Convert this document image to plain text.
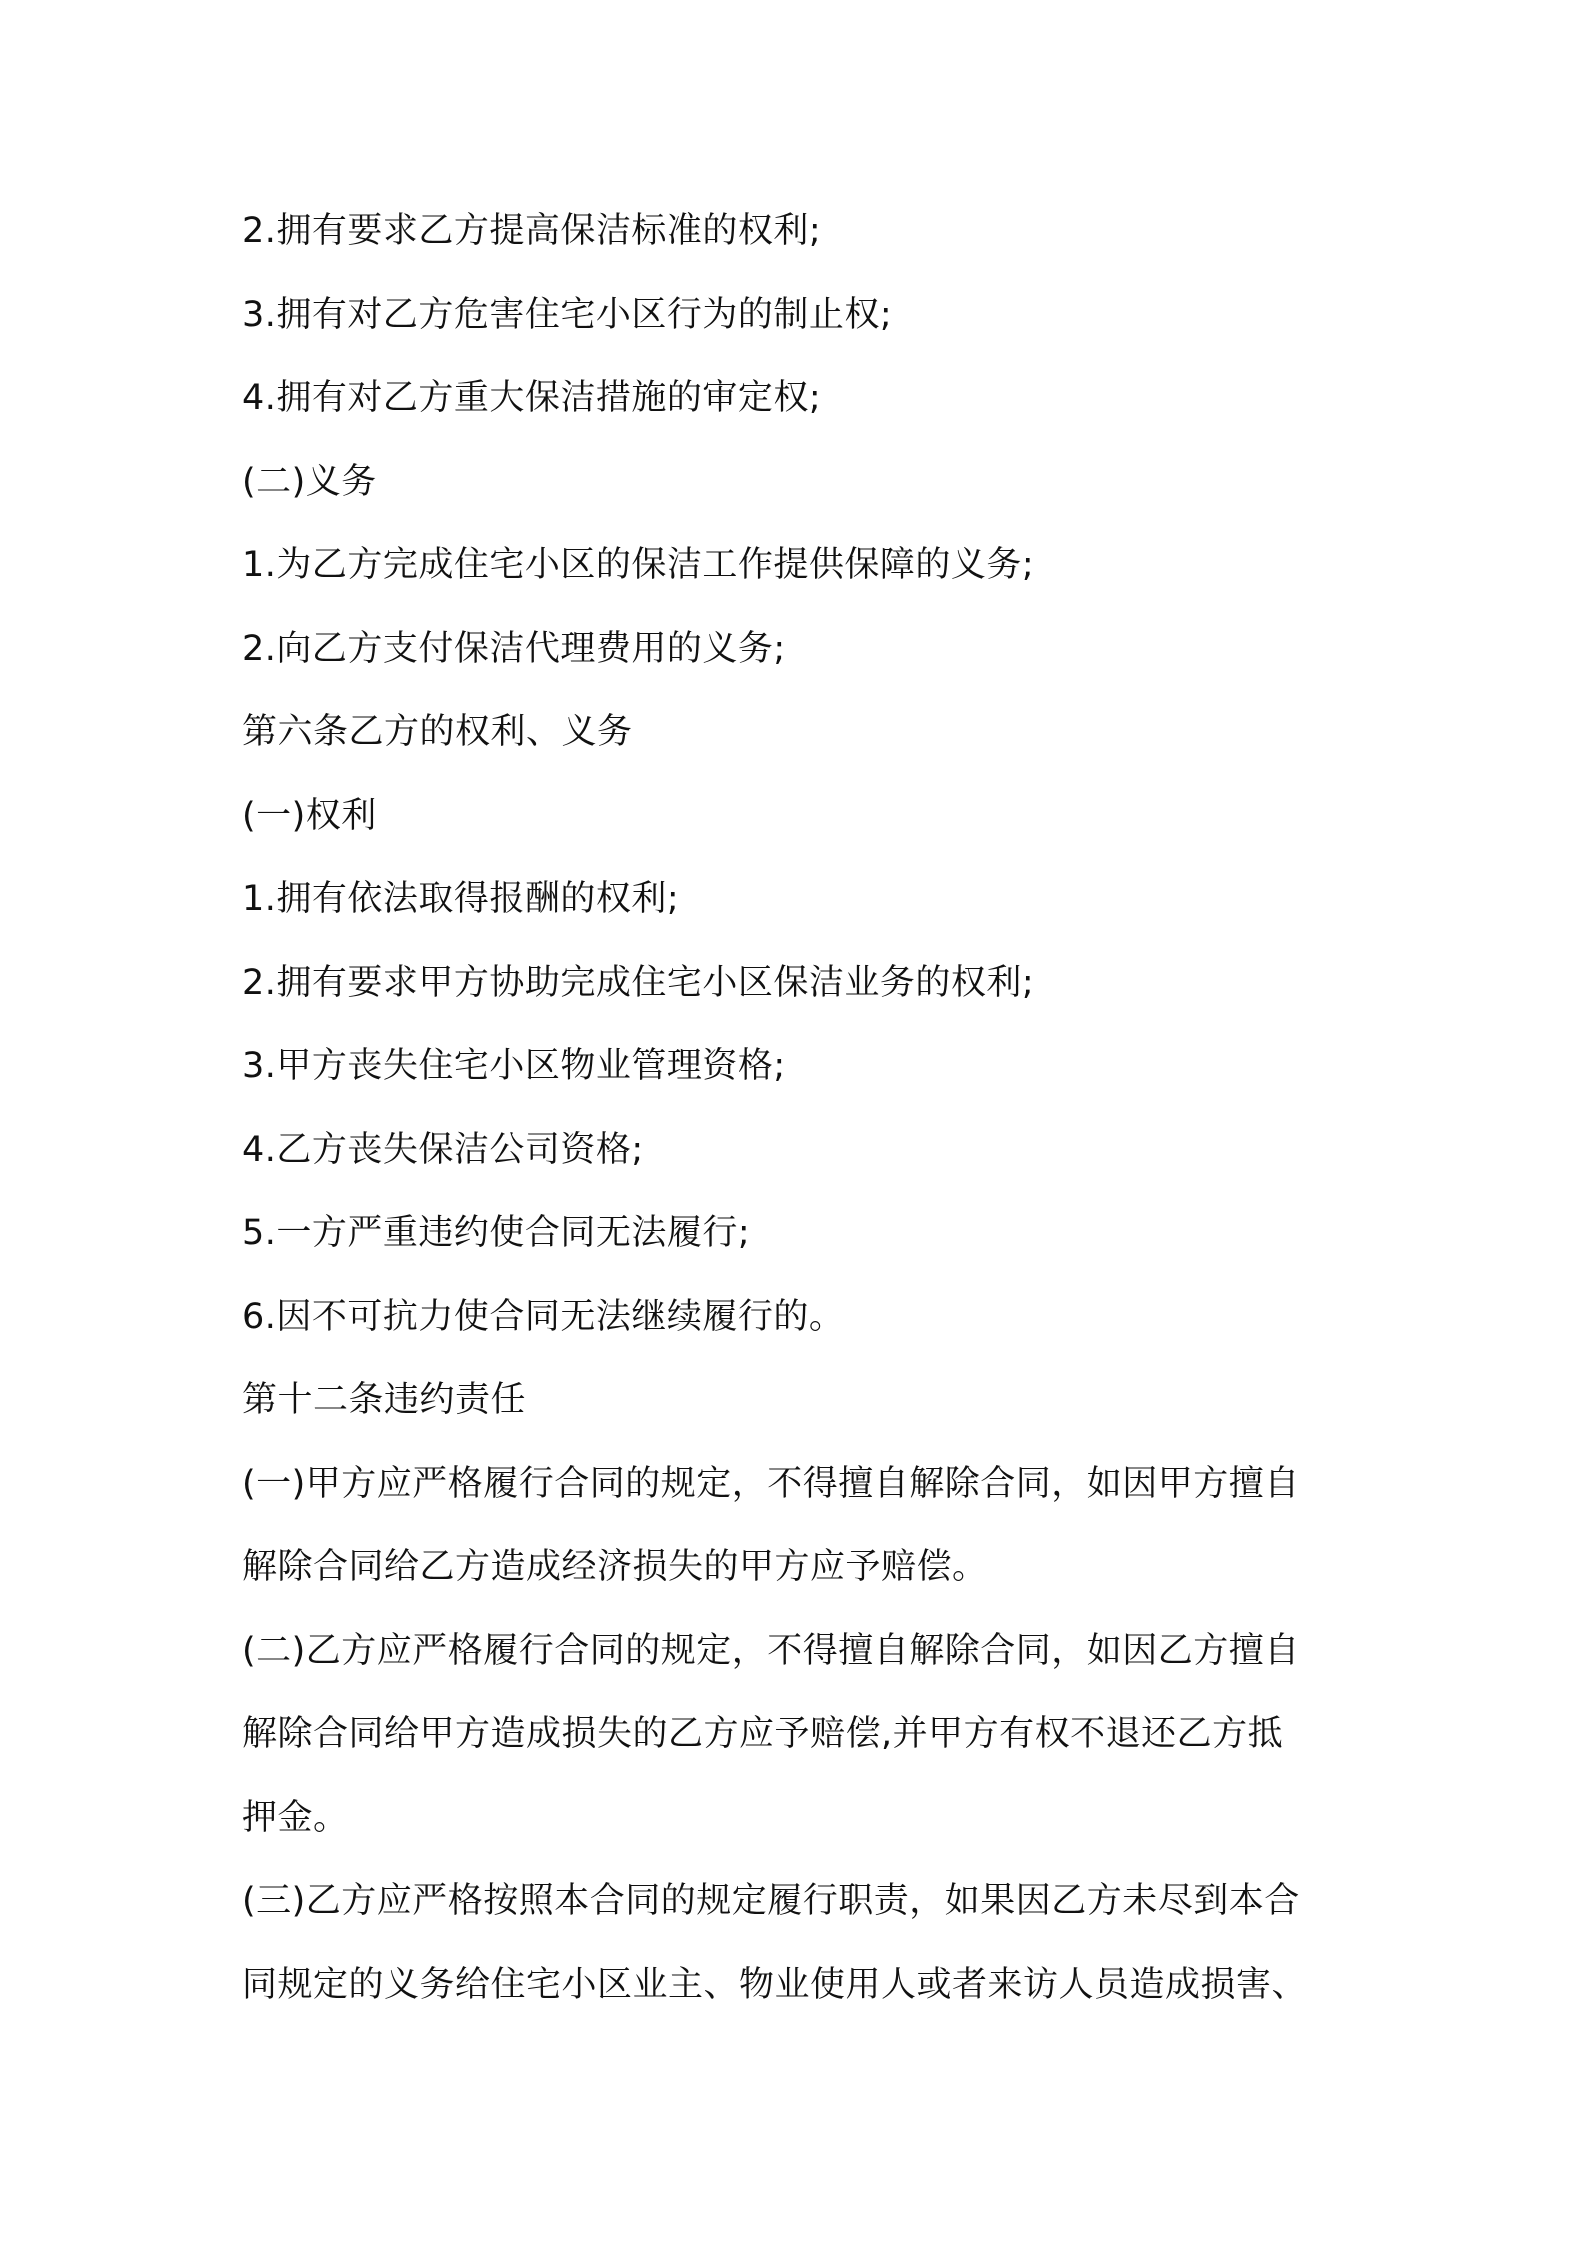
2.拥有要求乙方提高保洁标准的权利;
3.拥有对乙方危害住宅小区行为的制止权;
4.拥有对乙方重大保洁措施的审定权;
(二)义务
1.为乙方完成住宅小区的保洁工作提供保障的义务;
2.向乙方支付保洁代理费用的义务;
第六条乙方的权利、义务
(一)权利
1.拥有依法取得报酬的权利;
2.拥有要求甲方协助完成住宅小区保洁业务的权利;
3.甲方丧失住宅小区物业管理资格;
4.乙方丧失保洁公司资格;
5.一方严重违约使合同无法履行;
6.因不可抗力使合同无法继续履行的。
第十二条违约责任
(一)甲方应严格履行合同的规定，不得擅自解除合同，如因甲方擅自
解除合同给乙方造成经济损失的甲方应予赔偿。
(二)乙方应严格履行合同的规定，不得擅自解除合同，如因乙方擅自
解除合同给甲方造成损失的乙方应予赔偿,并甲方有权不退还乙方抵
押金。
(三)乙方应严格按照本合同的规定履行职责，如果因乙方未尽到本合
同规定的义务给住宅小区业主、物业使用人或者来访人员造成损害、
